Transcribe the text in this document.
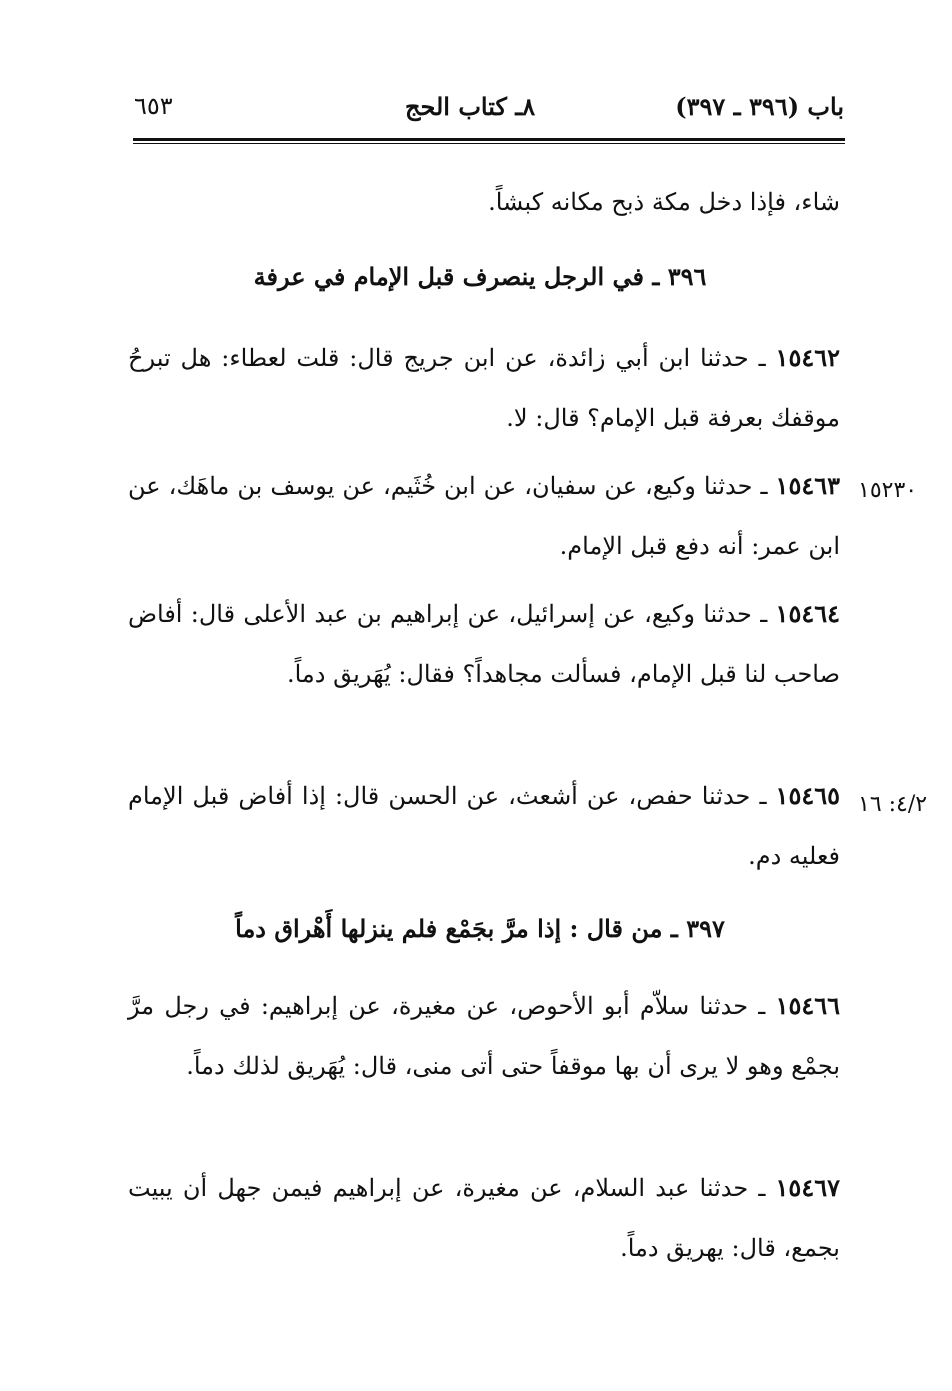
باب (٣٩٦ ـ ٣٩٧)
٨ـ كتاب الحج
٦٥٣
شاء، فإذا دخل مكة ذبح مكانه كبشاً.
٣٩٦ ـ في الرجل ينصرف قبل الإمام في عرفة
١٥٤٦٢ ـ حدثنا ابن أبي زائدة، عن ابن جريج قال: قلت لعطاء: هل تبرحُ موقفك بعرفة قبل الإمام؟ قال: لا.
١٥٢٣٠
١٥٤٦٣ ـ حدثنا وكيع، عن سفيان، عن ابن خُثَيم، عن يوسف بن ماهَك، عن ابن عمر: أنه دفع قبل الإمام.
١٥٤٦٤ ـ حدثنا وكيع، عن إسرائيل، عن إبراهيم بن عبد الأعلى قال: أفاض صاحب لنا قبل الإمام، فسألت مجاهداً؟ فقال: يُهَريق دماً.
٤/٢: ١٦
١٥٤٦٥ ـ حدثنا حفص، عن أشعث، عن الحسن قال: إذا أفاض قبل الإمام فعليه دم.
٣٩٧ ـ من قال : إذا مرَّ بجَمْع فلم ينزلها أَهْراق دماً
١٥٤٦٦ ـ حدثنا سلاّم أبو الأحوص، عن مغيرة، عن إبراهيم: في رجل مرَّ بجمْع وهو لا يرى أن بها موقفاً حتى أتى منى، قال: يُهَريق لذلك دماً.
١٥٤٦٧ ـ حدثنا عبد السلام، عن مغيرة، عن إبراهيم فيمن جهل أن يبيت بجمع، قال: يهريق دماً.
